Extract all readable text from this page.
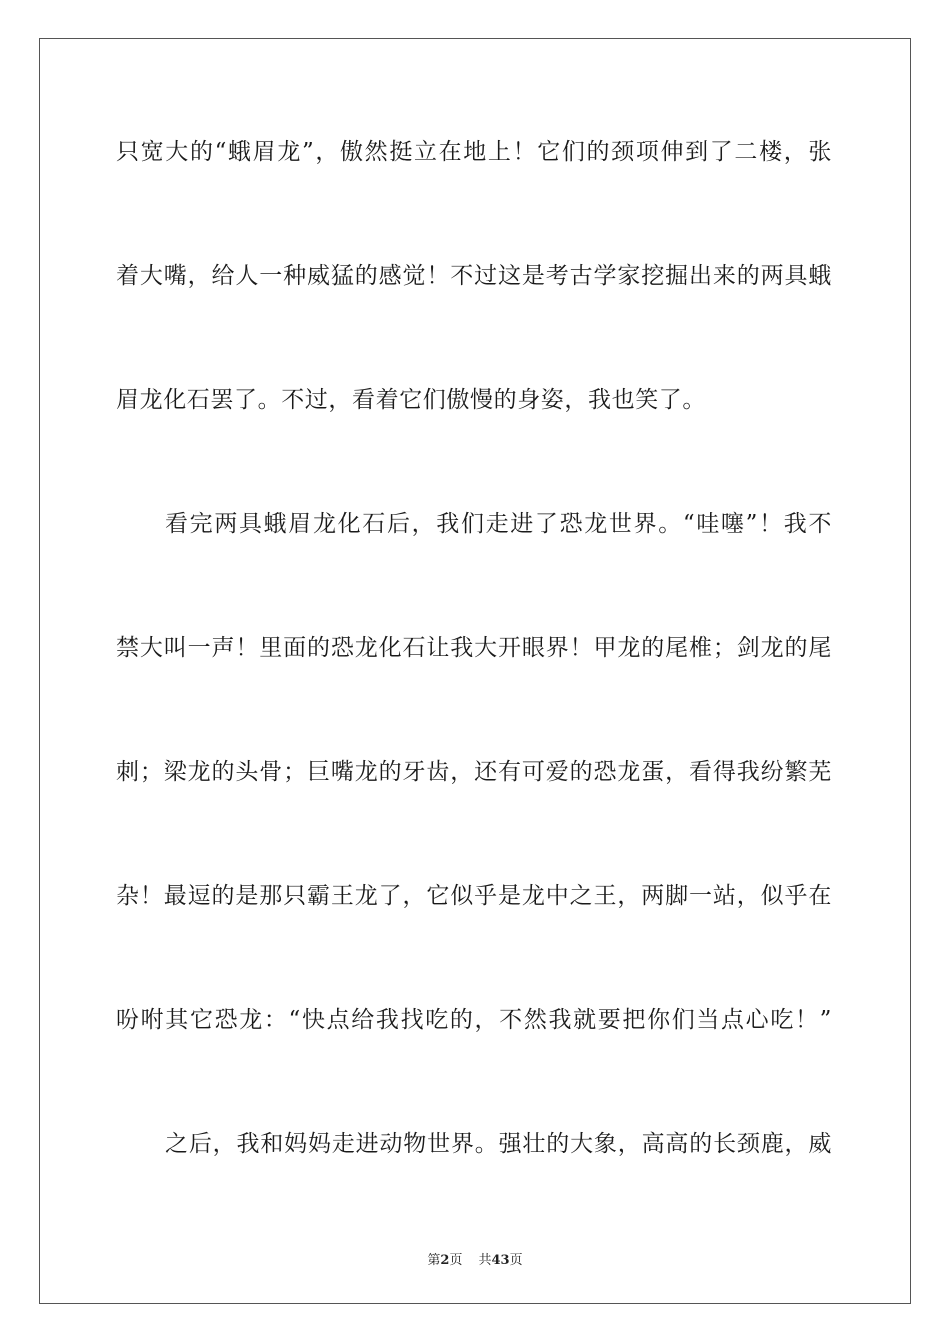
只宽大的“蛾眉龙”，傲然挺立在地上！它们的颈项伸到了二楼，张
着大嘴，给人一种威猛的感觉！不过这是考古学家挖掘出来的两具蛾
眉龙化石罢了。不过，看着它们傲慢的身姿，我也笑了。
看完两具蛾眉龙化石后，我们走进了恐龙世界。“哇噻”！我不
禁大叫一声！里面的恐龙化石让我大开眼界！甲龙的尾椎；剑龙的尾
刺；梁龙的头骨；巨嘴龙的牙齿，还有可爱的恐龙蛋，看得我纷繁芜
杂！最逗的是那只霸王龙了，它似乎是龙中之王，两脚一站，似乎在
吩咐其它恐龙：“快点给我找吃的，不然我就要把你们当点心吃！”
之后，我和妈妈走进动物世界。强壮的大象，高高的长颈鹿，威
第2页 共43页
